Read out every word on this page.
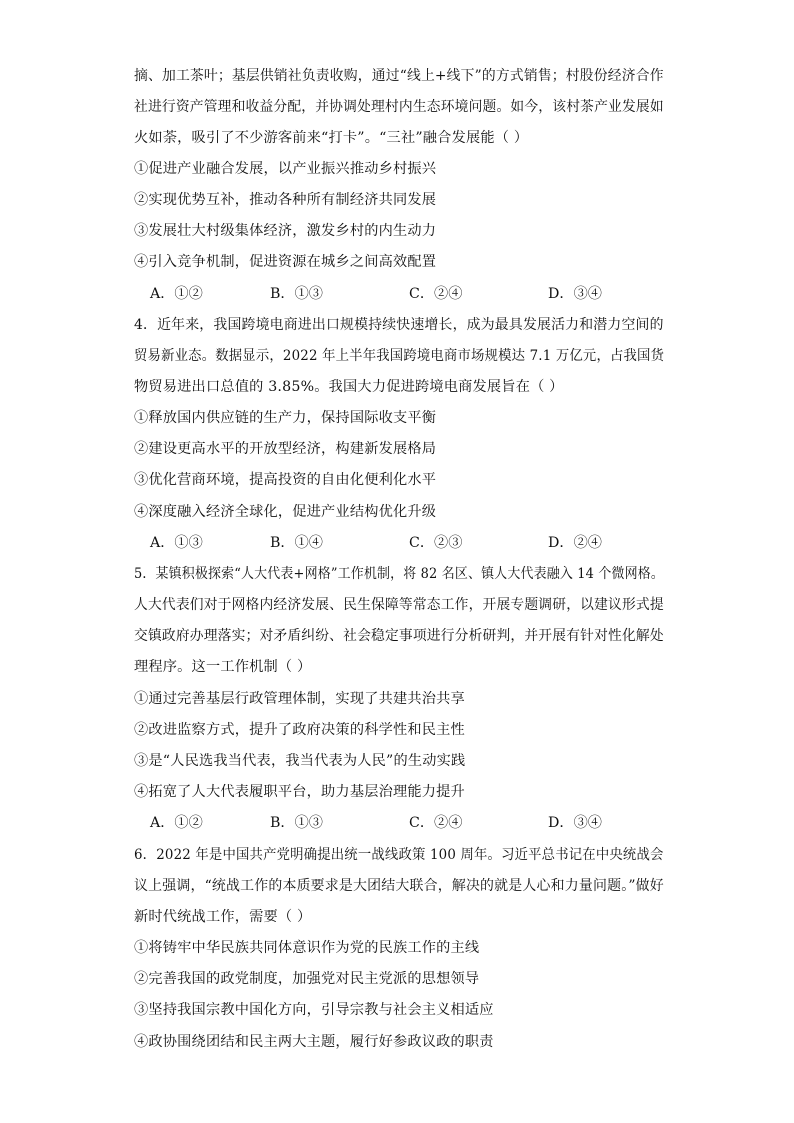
摘、加工茶叶；基层供销社负责收购，通过“线上+线下”的方式销售；村股份经济合作
社进行资产管理和收益分配，并协调处理村内生态环境问题。如今，该村茶产业发展如
火如荼，吸引了不少游客前来“打卡”。“三社”融合发展能（ ）
①促进产业融合发展，以产业振兴推动乡村振兴
②实现优势互补，推动各种所有制经济共同发展
③发展壮大村级集体经济，激发乡村的内生动力
④引入竞争机制，促进资源在城乡之间高效配置
A．①②	B．①③	C．②④	D．③④
4．近年来，我国跨境电商进出口规模持续快速增长，成为最具发展活力和潜力空间的
贸易新业态。数据显示，2022 年上半年我国跨境电商市场规模达 7.1 万亿元，占我国货
物贸易进出口总值的 3.85%。我国大力促进跨境电商发展旨在（ ）
①释放国内供应链的生产力，保持国际收支平衡
②建设更高水平的开放型经济，构建新发展格局
③优化营商环境，提高投资的自由化便利化水平
④深度融入经济全球化，促进产业结构优化升级
A．①③	B．①④	C．②③	D．②④
5．某镇积极探索“人大代表+网格”工作机制，将 82 名区、镇人大代表融入 14 个微网格。
人大代表们对于网格内经济发展、民生保障等常态工作，开展专题调研，以建议形式提
交镇政府办理落实；对矛盾纠纷、社会稳定事项进行分析研判，并开展有针对性化解处
理程序。这一工作机制（ ）
①通过完善基层行政管理体制，实现了共建共治共享
②改进监察方式，提升了政府决策的科学性和民主性
③是“人民选我当代表，我当代表为人民”的生动实践
④拓宽了人大代表履职平台，助力基层治理能力提升
A．①②	B．①③	C．②④	D．③④
6．2022 年是中国共产党明确提出统一战线政策 100 周年。习近平总书记在中央统战会
议上强调，“统战工作的本质要求是大团结大联合，解决的就是人心和力量问题。”做好
新时代统战工作，需要（ ）
①将铸牢中华民族共同体意识作为党的民族工作的主线
②完善我国的政党制度，加强党对民主党派的思想领导
③坚持我国宗教中国化方向，引导宗教与社会主义相适应
④政协围绕团结和民主两大主题，履行好参政议政的职责
